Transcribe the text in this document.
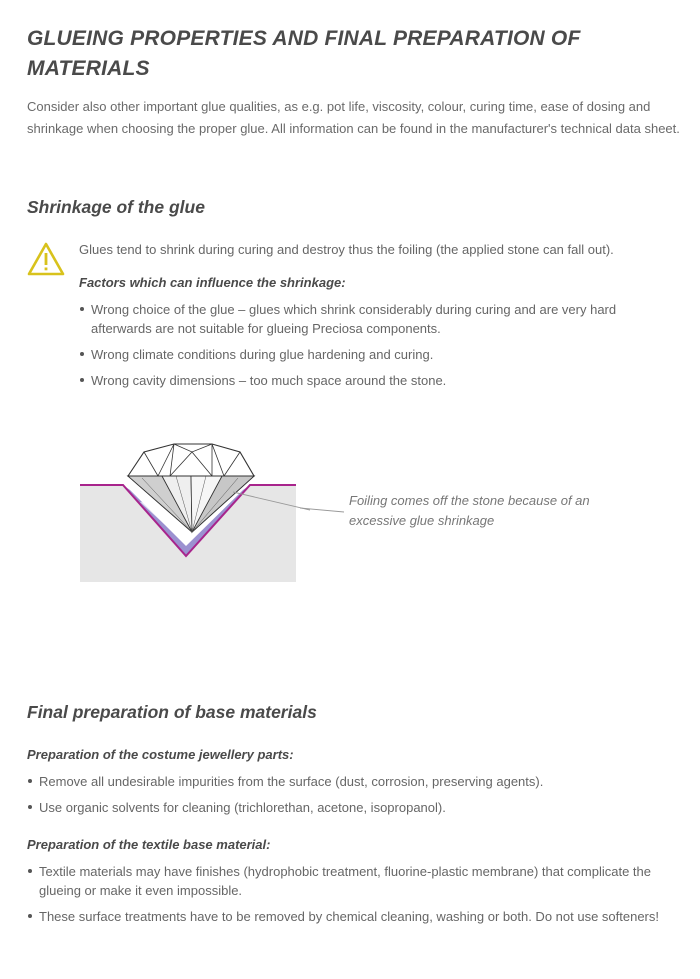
GLUEING PROPERTIES AND FINAL PREPARATION OF MATERIALS

Consider also other important glue qualities, as e.g. pot life, viscosity, colour, curing time, ease of dosing and shrinkage when choosing the proper glue. All information can be found in the manufacturer's technical data sheet.

Shrinkage of the glue

Glues tend to shrink during curing and destroy thus the foiling (the applied stone can fall out).

Factors which can influence the shrinkage:
Wrong choice of the glue – glues which shrink considerably during curing and are very hard afterwards are not suitable for glueing Preciosa components.
Wrong climate conditions during glue hardening and curing.
Wrong cavity dimensions – too much space around the stone.

Foiling comes off the stone because of an excessive glue shrinkage

Final preparation of base materials
Preparation of the costume jewellery parts:
Remove all undesirable impurities from the surface (dust, corrosion, preserving agents).
Use organic solvents for cleaning (trichlorethan, acetone, isopropanol).
Preparation of the textile base material:
Textile materials may have finishes (hydrophobic treatment, fluorine-plastic membrane) that complicate the glueing or make it even impossible.
These surface treatments have to be removed by chemical cleaning, washing or both. Do not use softeners!
